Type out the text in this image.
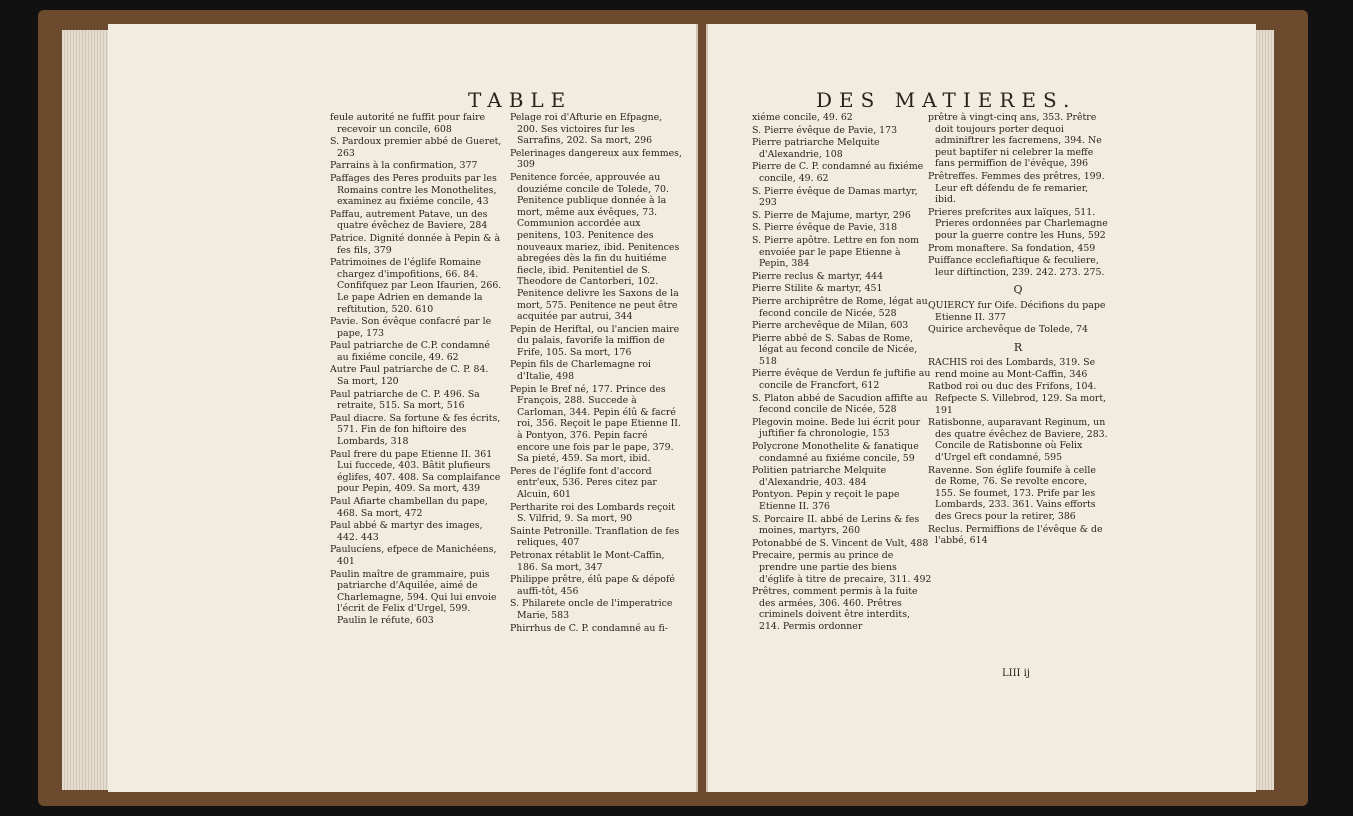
TABLE	DES MATIERES.

feule autorité ne fuffit pour faire recevoir un concile, 608

S. Pardoux premier abbé de Gueret, 263

Parrains à la confirmation, 377

Paffages des Peres produits par les Romains contre les Monothelites, examinez au fixiéme concile, 43

Paffau, autrement Patave, un des quatre évêchez de Baviere, 284

Patrice. Dignité donnée à Pepin & à fes fils, 379

Patrimoines de l'églife Romaine chargez d'impofitions, 66. 84. Confifquez par Leon Ifaurien, 266. Le pape Adrien en demande la reftitution, 520. 610

Pavie. Son évêque confacré par le pape, 173

Paul patriarche de C.P. condamné au fixiéme concile, 49. 62

Autre Paul patriarche de C. P. 84. Sa mort, 120

Paul patriarche de C. P. 496. Sa retraite, 515. Sa mort, 516

Paul diacre. Sa fortune & fes écrits, 571. Fin de fon hiftoire des Lombards, 318

Paul frere du pape Etienne II. 361 Lui fuccede, 403. Bâtit plufieurs églifes, 407. 408. Sa complaifance pour Pepin, 409. Sa mort, 439

Paul Afiarte chambellan du pape, 468. Sa mort, 472

Paul abbé & martyr des images, 442. 443

Paulucíens, efpece de Manichéens, 401

Paulin maître de grammaire, puis patriarche d'Aquilée, aimé de Charlemagne, 594. Qui lui envoie l'écrit de Felix d'Urgel, 599. Paulin le réfute, 603

Pelage roi d'Afturie en Efpagne, 200. Ses victoires fur les Sarrafins, 202. Sa mort, 296

Pelerinages dangereux aux femmes, 309

Penitence forcée, approuvée au douziéme concile de Tolede, 70. Penitence publique donnée à la mort, même aux évêques, 73. Communion accordée aux penitens, 103. Penitence des nouveaux mariez, ibid. Penitences abregées dès la fin du huitiéme fiecle, ibid. Penitentiel de S. Theodore de Cantorberi, 102. Penitence delivre les Saxons de la mort, 575. Penitence ne peut être acquitée par autrui, 344

Pepin de Heriftal, ou l'ancien maire du palais, favorife la miffion de Frife, 105. Sa mort, 176

Pepin fils de Charlemagne roi d'Italie, 498

Pepin le Bref né, 177. Prince des François, 288. Succede à Carloman, 344. Pepin élû & facré roi, 356. Reçoit le pape Etienne II. à Pontyon, 376. Pepin facré encore une fois par le pape, 379. Sa pieté, 459. Sa mort, ibid.

Peres de l'églife font d'accord entr'eux, 536. Peres citez par Alcuin, 601

Pertharite roi des Lombards reçoit S. Vilfrid, 9. Sa mort, 90

Sainte Petronille. Tranflation de fes reliques, 407

Petronax rétablit le Mont-Caffin, 186. Sa mort, 347

Philippe prêtre, élû pape & dépofé auffi-tôt, 456

S. Philarete oncle de l'imperatrice Marie, 583

Phirrhus de C. P. condamné au fi-

xiéme concile, 49. 62

S. Pierre évêque de Pavie, 173

Pierre patriarche Melquite d'Alexandrie, 108

Pierre de C. P. condamné au fixiéme concile, 49. 62

S. Pierre évêque de Damas martyr, 293

S. Pierre de Majume, martyr, 296

S. Pierre évêque de Pavie, 318

S. Pierre apôtre. Lettre en fon nom envoiée par le pape Etienne à Pepin, 384

Pierre reclus & martyr, 444

Pierre Stilite & martyr, 451

Pierre archiprêtre de Rome, légat au fecond concile de Nicée, 528

Pierre archevêque de Milan, 603

Pierre abbé de S. Sabas de Rome, légat au fecond concile de Nicée, 518

Pierre évêque de Verdun fe juftifie au concile de Francfort, 612

S. Platon abbé de Sacudion affifte au fecond concile de Nicée, 528

Plegovin moine. Bede lui écrit pour juftifier fa chronologie, 153

Polycrone Monothelite & fanatique condamné au fixiéme concile, 59

Politien patriarche Melquite d'Alexandrie, 403. 484

Pontyon. Pepin y reçoit le pape Etienne II. 376

S. Porcaire II. abbé de Lerins & fes moines, martyrs, 260

Potonabbé de S. Vincent de Vult, 488

Precaire, permis au prince de prendre une partie des biens d'églife à titre de precaire, 311. 492

Prêtres, comment permis à la fuite des armées, 306. 460. Prêtres criminels doivent être interdits, 214. Permis ordonner

prêtre à vingt-cinq ans, 353. Prêtre doit toujours porter dequoi adminiftrer les facremens, 394. Ne peut baptifer ni celebrer la meffe fans permiffion de l'évêque, 396

Prêtreffes. Femmes des prêtres, 199. Leur eft défendu de fe remarier, ibid.

Prieres prefcrites aux laïques, 511. Prieres ordonnées par Charlemagne pour la guerre contre les Huns, 592

Prom monaftere. Sa fondation, 459

Puiffance ecclefiaftique & feculiere, leur diftinction, 239. 242. 273. 275.

Q

QUIERCY fur Oife. Décifions du pape Etienne II. 377

Quirice archevêque de Tolede, 74

R

RACHIS roi des Lombards, 319. Se rend moine au Mont-Caffin, 346

Ratbod roi ou duc des Frifons, 104. Refpecte S. Villebrod, 129. Sa mort, 191

Ratisbonne, auparavant Reginum, un des quatre évêchez de Baviere, 283. Concile de Ratisbonne où Felix d'Urgel eft condamné, 595

Ravenne. Son églife foumife à celle de Rome, 76. Se revolte encore, 155. Se foumet, 173. Prife par les Lombards, 233. 361. Vains efforts des Grecs pour la retirer, 386

Reclus. Permiffions de l'évêque & de l'abbé, 614

LIII ij
